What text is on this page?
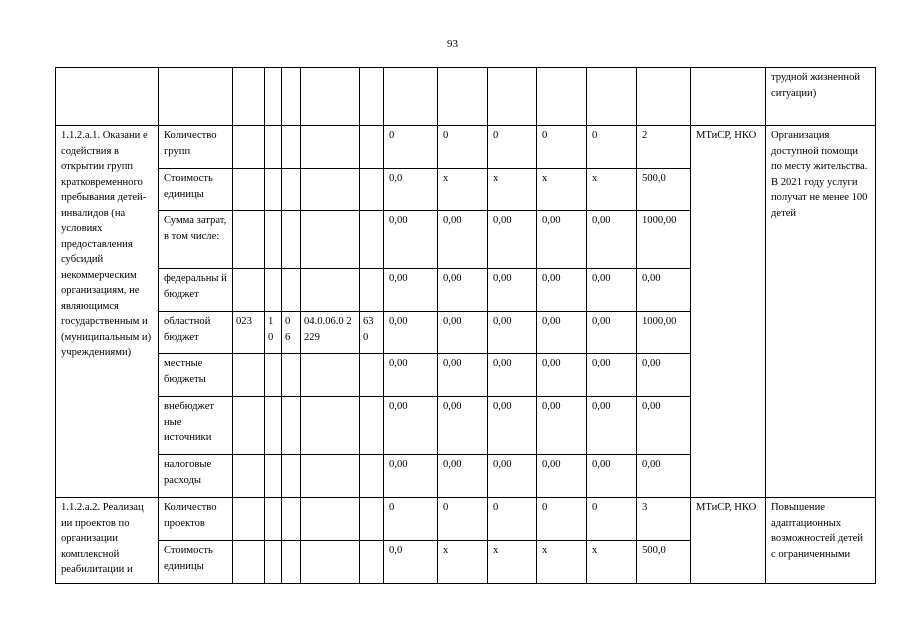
93
														трудной жизненной ситуации)
1.1.2.а.1. Оказани е содействия в открытии групп кратковременного пребывания детей-инвалидов (на условиях предоставления субсидий некоммерческим организациям, не являющимся государственным и (муниципальным и) учреждениями)	Количество групп						0	0	0	0	0	2	МТиСР, НКО	Организация доступной помощи по месту жительства. В 2021 году услуги получат не менее 100 детей
	Стоимость единицы						0,0	x	x	x	x	500,0		
	Сумма затрат, в том числе:						0,00	0,00	0,00	0,00	0,00	1000,00		
	федеральны й бюджет						0,00	0,00	0,00	0,00	0,00	0,00		
	областной бюджет	023	1 0	0 6	04.0.06.0 2229	63 0	0,00	0,00	0,00	0,00	0,00	1000,00		
	местные бюджеты						0,00	0,00	0,00	0,00	0,00	0,00		
	внебюджет ные источники						0,00	0,00	0,00	0,00	0,00	0,00		
	налоговые расходы						0,00	0,00	0,00	0,00	0,00	0,00		
1.1.2.а.2. Реализац ии проектов по организации комплексной реабилитации и	Количество проектов						0	0	0	0	0	3	МТиСР, НКО	Повышение адаптационных возможностей детей с ограниченными
	Стоимость единицы						0,0	x	x	x	x	500,0		
